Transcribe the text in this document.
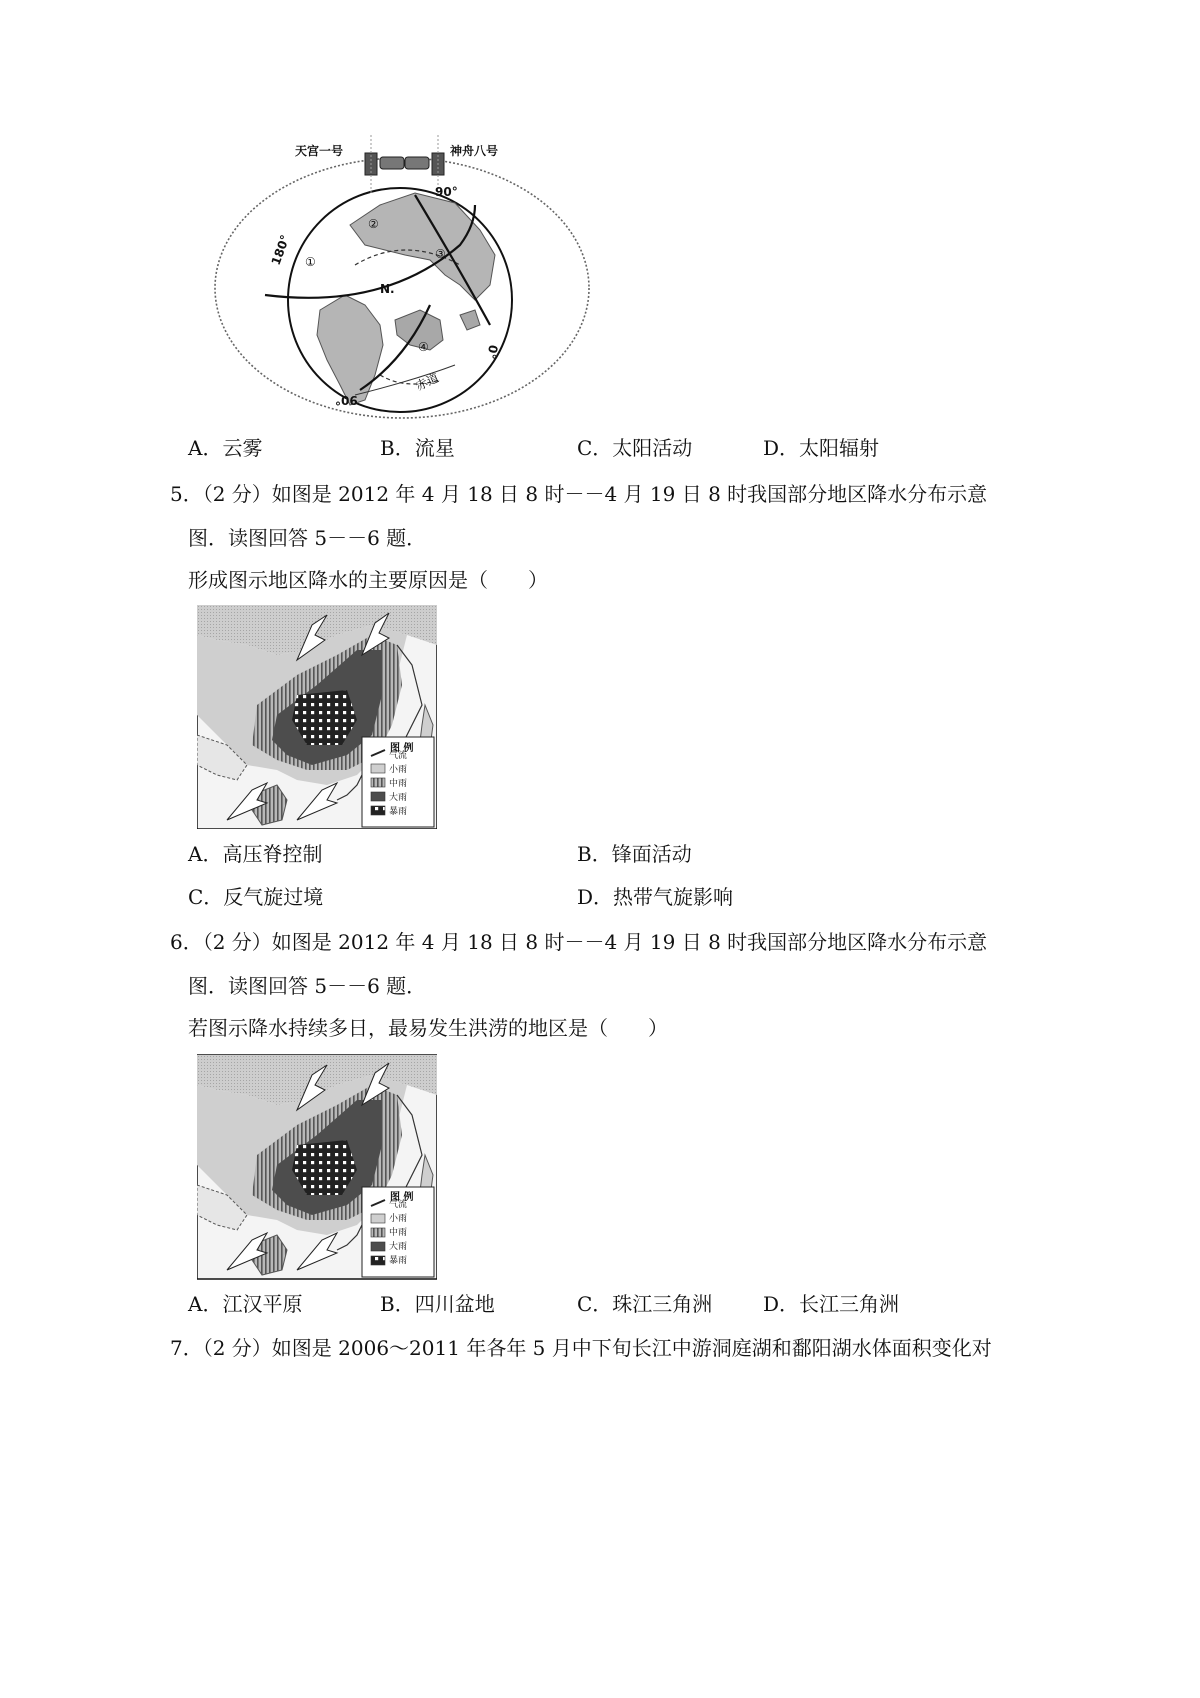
天宫一号	神舟八号
90°
180°
0°
90°
N.
赤道
①
②
③
④
A．云雾	B．流星	C．太阳活动	D．太阳辐射
5．（2 分）如图是 2012 年 4 月 18 日 8 时－－4 月 19 日 8 时我国部分地区降水分布示意
图．读图回答 5－－6 题．
形成图示地区降水的主要原因是（　　）
图 例
气流
小雨
中雨
大雨
暴雨
A．高压脊控制	B．锋面活动
C．反气旋过境	D．热带气旋影响
6．（2 分）如图是 2012 年 4 月 18 日 8 时－－4 月 19 日 8 时我国部分地区降水分布示意
图．读图回答 5－－6 题．
若图示降水持续多日，最易发生洪涝的地区是（　　）
图 例
气流
小雨
中雨
大雨
暴雨
A．江汉平原	B．四川盆地	C．珠江三角洲	D．长江三角洲
7．（2 分）如图是 2006～2011 年各年 5 月中下旬长江中游洞庭湖和鄱阳湖水体面积变化对
